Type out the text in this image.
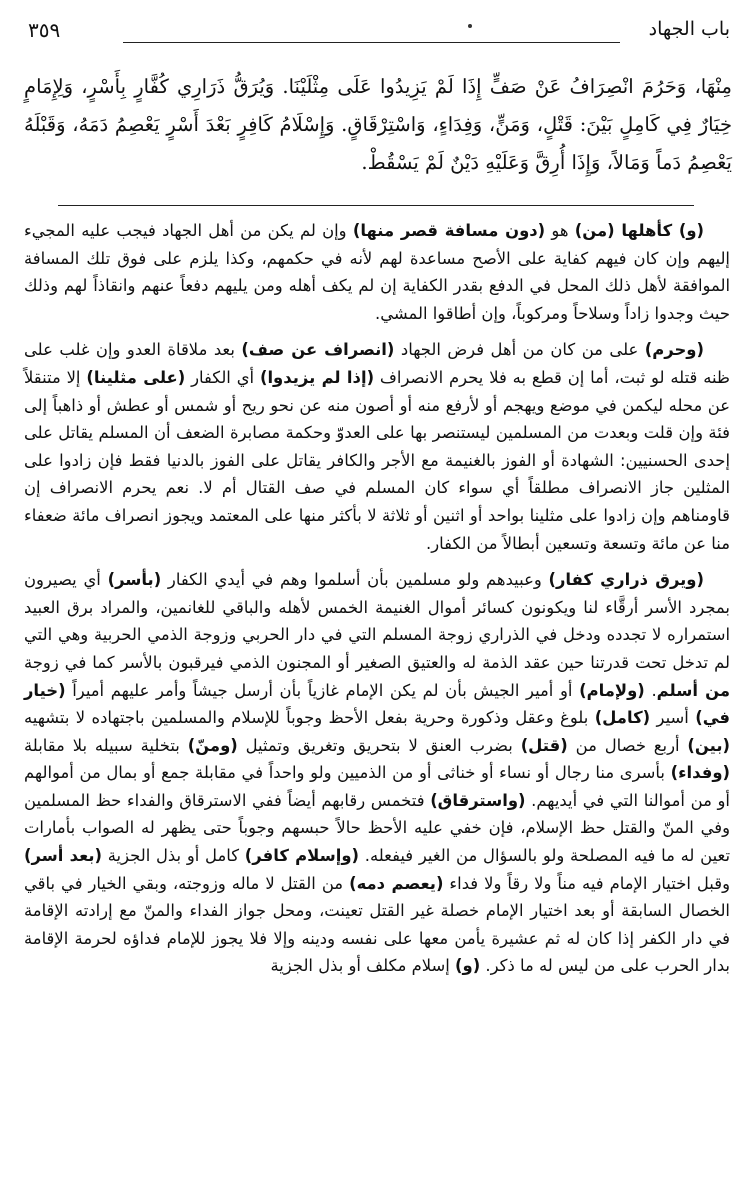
باب الجهاد
٣٥٩
مِنْهَا، وَحَرُمَ انْصِرَافُ عَنْ صَفٍّ إِذَا لَمْ يَزِيدُوا عَلَى مِثْلَيْنَا. وَيُرَقُّ ذَرَارِي كُفَّارٍ بِأَسْرٍ، وَلِإِمَامٍ خِيَارٌ فِي كَامِلٍ بَيْنَ: قَتْلٍ، وَمَنٍّ، وَفِدَاءٍ، وَاسْتِرْقَاقٍ. وَإِسْلَامُ كَافِرٍ بَعْدَ أَسْرٍ يَعْصِمُ دَمَهُ، وَقَبْلَهُ يَعْصِمُ دَماً وَمَالاً، وَإِذَا أُرِقَّ وَعَلَيْهِ دَيْنٌ لَمْ يَسْقُطْ.

(و) كأهلها (من) هو (دون مسافة قصر منها) وإن لم يكن من أهل الجهاد فيجب عليه المجيء إليهم وإن كان فيهم كفاية على الأصح مساعدة لهم لأنه في حكمهم، وكذا يلزم على فوق تلك المسافة الموافقة لأهل ذلك المحل في الدفع بقدر الكفاية إن لم يكف أهله ومن يليهم دفعاً عنهم وانقاذاً لهم وذلك حيث وجدوا زاداً وسلاحاً ومركوباً، وإن أطاقوا المشي.

(وحرم) على من كان من أهل فرض الجهاد (انصراف عن صف) بعد ملاقاة العدو وإن غلب على ظنه قتله لو ثبت، أما إن قطع به فلا يحرم الانصراف (إذا لم يزيدوا) أي الكفار (على مثلينا) إلا متنقلاً عن محله ليكمن في موضع ويهجم أو لأرفع منه أو أصون منه عن نحو ريح أو شمس أو عطش أو ذاهباً إلى فئة وإن قلت وبعدت من المسلمين ليستنصر بها على العدوّ وحكمة مصابرة الضعف أن المسلم يقاتل على إحدى الحسنيين: الشهادة أو الفوز بالغنيمة مع الأجر والكافر يقاتل على الفوز بالدنيا فقط فإن زادوا على المثلين جاز الانصراف مطلقاً أي سواء كان المسلم في صف القتال أم لا. نعم يحرم الانصراف إن قاومناهم وإن زادوا على مثلينا بواحد أو اثنين أو ثلاثة لا بأكثر منها على المعتمد ويجوز انصراف مائة ضعفاء منا عن مائة وتسعة وتسعين أبطالاً من الكفار.

(ويرق ذراري كفار) وعبيدهم ولو مسلمين بأن أسلموا وهم في أيدي الكفار (بأسر) أي يصيرون بمجرد الأسر أرقَّاء لنا ويكونون كسائر أموال الغنيمة الخمس لأهله والباقي للغانمين، والمراد برق العبيد استمراره لا تجدده ودخل في الذراري زوجة المسلم التي في دار الحربي وزوجة الذمي الحربية وهي التي لم تدخل تحت قدرتنا حين عقد الذمة له والعتيق الصغير أو المجنون الذمي فيرقبون بالأسر كما في زوجة من أسلم. (ولإمام) أو أمير الجيش بأن لم يكن الإمام غازياً بأن أرسل جيشاً وأمر عليهم أميراً (خيار في) أسير (كامل) بلوغ وعقل وذكورة وحرية بفعل الأحظ وجوباً للإسلام والمسلمين باجتهاده لا بتشهيه (بين) أربع خصال من (قتل) بضرب العنق لا بتحريق وتغريق وتمثيل (ومنّ) بتخلية سبيله بلا مقابلة (وفداء) بأسرى منا رجال أو نساء أو خناثى أو من الذميين ولو واحداً في مقابلة جمع أو بمال من أموالهم أو من أموالنا التي في أيديهم. (واسترقاق) فتخمس رقابهم أيضاً ففي الاسترقاق والفداء حظ المسلمين وفي المنّ والقتل حظ الإسلام، فإن خفي عليه الأحظ حالاً حبسهم وجوباً حتى يظهر له الصواب بأمارات تعين له ما فيه المصلحة ولو بالسؤال من الغير فيفعله. (وإسلام كافر) كامل أو بذل الجزية (بعد أسر) وقبل اختيار الإمام فيه مناً ولا رقاً ولا فداء (يعصم دمه) من القتل لا ماله وزوجته، وبقي الخيار في باقي الخصال السابقة أو بعد اختيار الإمام خصلة غير القتل تعينت، ومحل جواز الفداء والمنّ مع إرادته الإقامة في دار الكفر إذا كان له ثم عشيرة يأمن معها على نفسه ودينه وإلا فلا يجوز للإمام فداؤه لحرمة الإقامة بدار الحرب على من ليس له ما ذكر. (و) إسلام مكلف أو بذل الجزية
